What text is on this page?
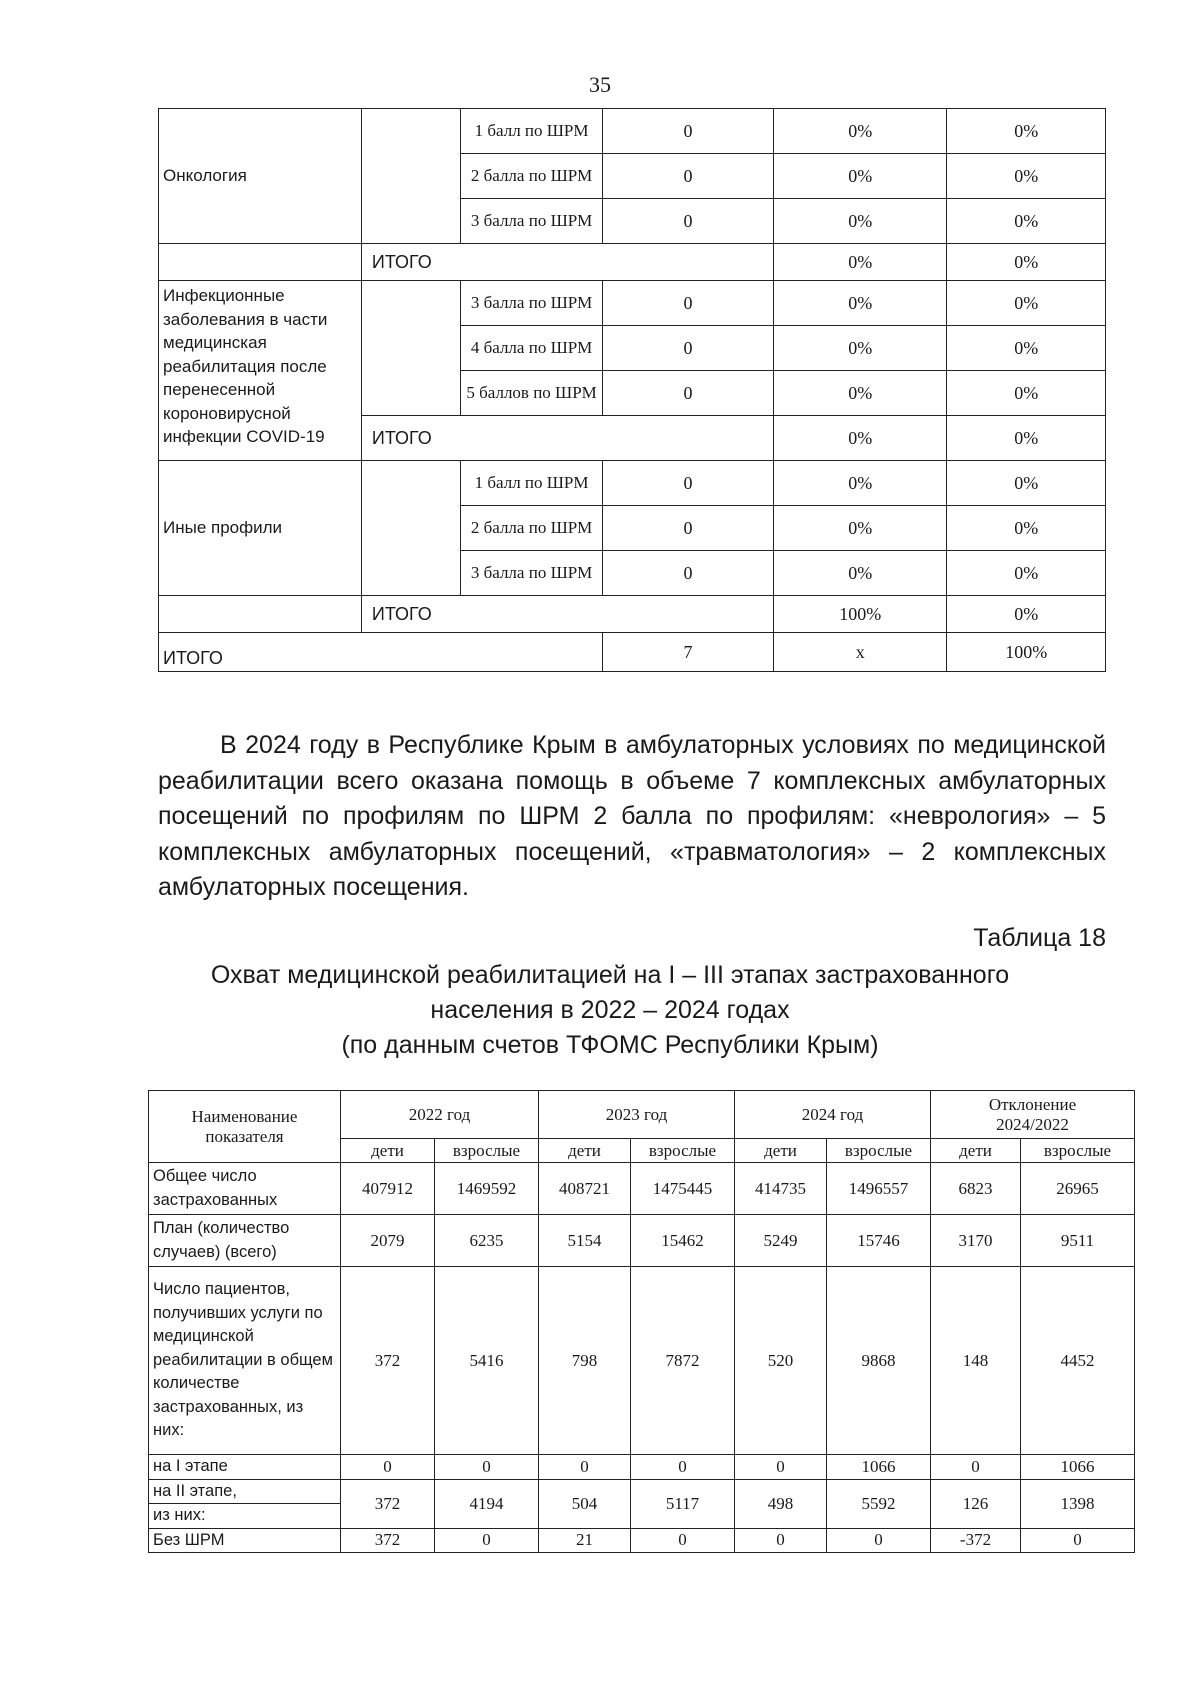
35
Онкология		1 балл по ШРМ	0	0%	0%
		2 балла по ШРМ	0	0%	0%
		3 балла по ШРМ	0	0%	0%
	ИТОГО			0%	0%
Инфекционные заболевания в части медицинская реабилитация после перенесенной короновирусной инфекции COVID-19		3 балла по ШРМ	0	0%	0%
		4 балла по ШРМ	0	0%	0%
		5 баллов по ШРМ	0	0%	0%
	ИТОГО			0%	0%
Иные профили		1 балл по ШРМ	0	0%	0%
		2 балла по ШРМ	0	0%	0%
		3 балла по ШРМ	0	0%	0%
	ИТОГО			100%	0%
ИТОГО			7	x	100%

В 2024 году в Республике Крым в амбулаторных условиях по медицинской реабилитации всего оказана помощь в объеме 7 комплексных амбулаторных посещений по профилям по ШРМ 2 балла по профилям: «неврология» – 5 комплексных амбулаторных посещений, «травматология» – 2 комплексных амбулаторных посещения.

Таблица 18
Охват медицинской реабилитацией на I – III этапах застрахованного
населения в 2022 – 2024 годах
(по данным счетов ТФОМС Республики Крым)
Наименование показателя	2022 год		2023 год		2024 год		Отклонение 2024/2022	
	дети	взрослые	дети	взрослые	дети	взрослые	дети	взрослые
Общее число застрахованных	407912	1469592	408721	1475445	414735	1496557	6823	26965
План (количество случаев) (всего)	2079	6235	5154	15462	5249	15746	3170	9511
Число пациентов, получивших услуги по медицинской реабилитации в общем количестве застрахованных, из них:	372	5416	798	7872	520	9868	148	4452
на I этапе	0	0	0	0	0	1066	0	1066
на II этапе,	372	4194	504	5117	498	5592	126	1398
из них:								
Без ШРМ	372	0	21	0	0	0	-372	0
